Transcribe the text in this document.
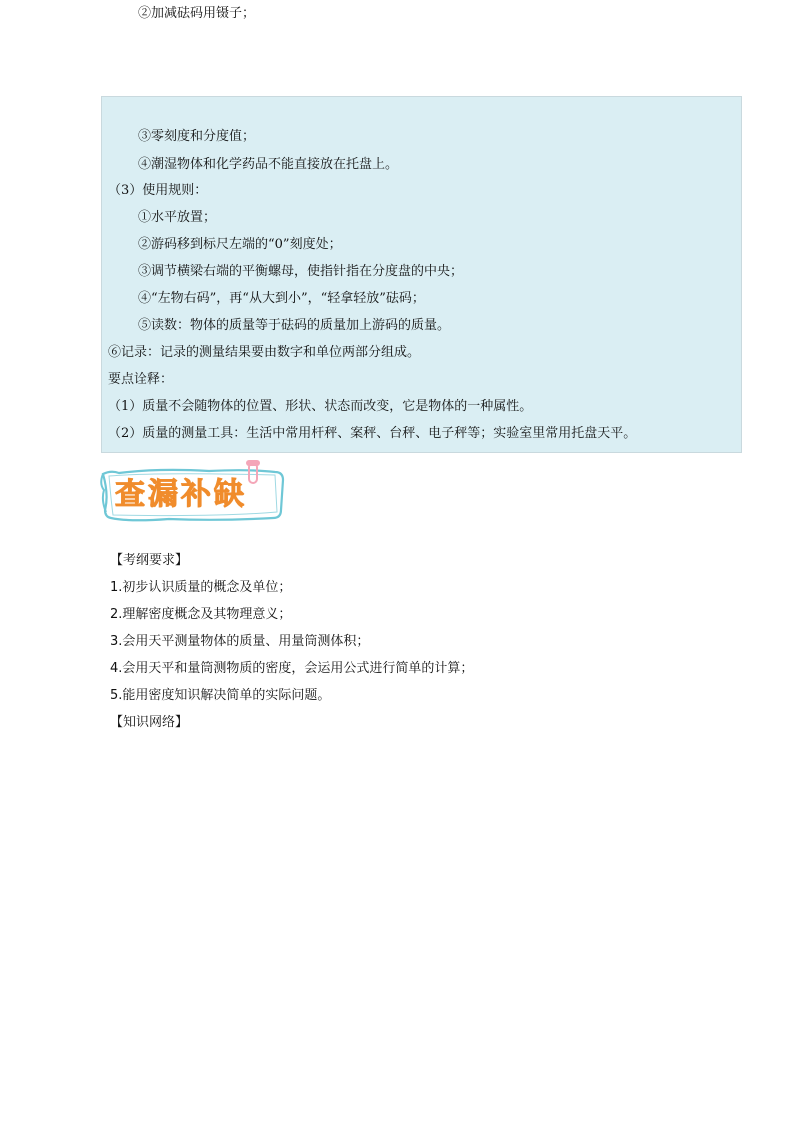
②加减砝码用镊子；
③零刻度和分度值；
④潮湿物体和化学药品不能直接放在托盘上。
（3）使用规则：
①水平放置；
②游码移到标尺左端的“0”刻度处；
③调节横梁右端的平衡螺母，使指针指在分度盘的中央；
④“左物右码”，再“从大到小”，“轻拿轻放”砝码；
⑤读数：物体的质量等于砝码的质量加上游码的质量。
⑥记录：记录的测量结果要由数字和单位两部分组成。
要点诠释：
（1）质量不会随物体的位置、形状、状态而改变，它是物体的一种属性。
（2）质量的测量工具：生活中常用杆秤、案秤、台秤、电子秤等；实验室里常用托盘天平。
查漏补缺
【考纲要求】
1.初步认识质量的概念及单位；
2.理解密度概念及其物理意义；
3.会用天平测量物体的质量、用量筒测体积；
4.会用天平和量筒测物质的密度，会运用公式进行简单的计算；
5.能用密度知识解决简单的实际问题。
【知识网络】
